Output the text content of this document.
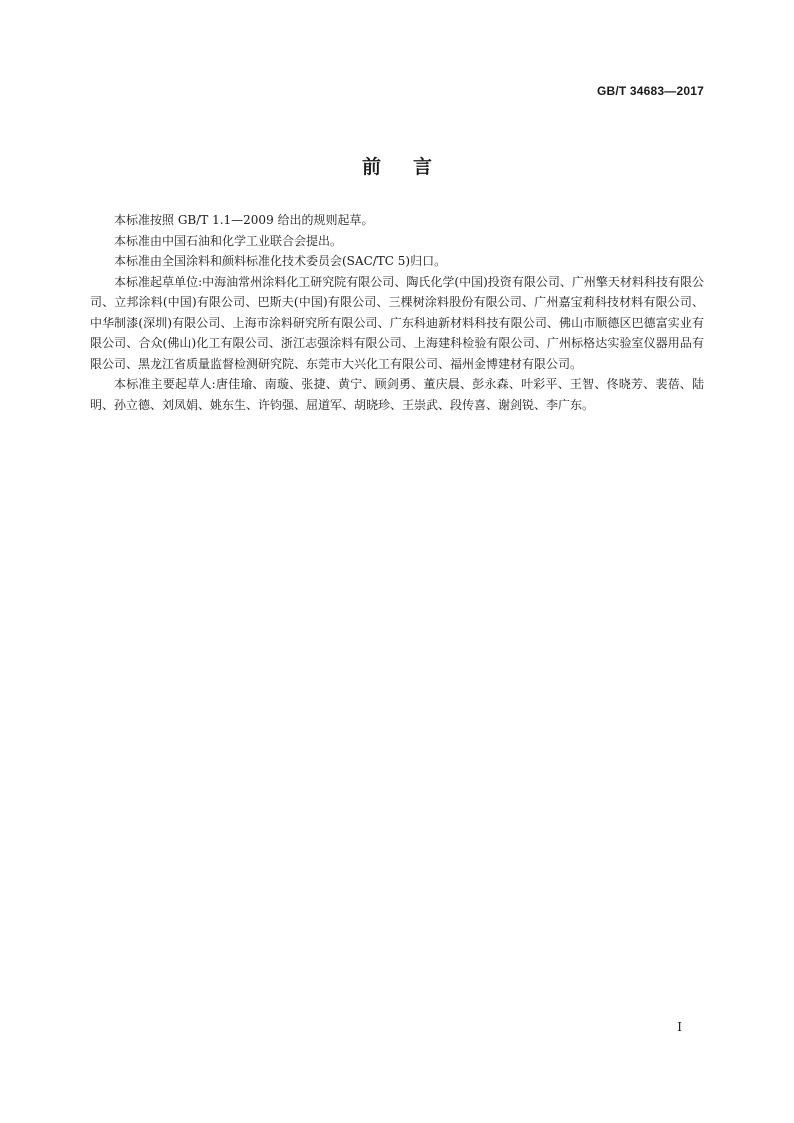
GB/T 34683—2017
前言

本标准按照 GB/T 1.1—2009 给出的规则起草。

本标准由中国石油和化学工业联合会提出。

本标准由全国涂料和颜料标准化技术委员会(SAC/TC 5)归口。

本标准起草单位:中海油常州涂料化工研究院有限公司、陶氏化学(中国)投资有限公司、广州擎天材料科技有限公司、立邦涂料(中国)有限公司、巴斯夫(中国)有限公司、三棵树涂料股份有限公司、广州嘉宝莉科技材料有限公司、中华制漆(深圳)有限公司、上海市涂料研究所有限公司、广东科迪新材料科技有限公司、佛山市顺德区巴德富实业有限公司、合众(佛山)化工有限公司、浙江志强涂料有限公司、上海建科检验有限公司、广州标格达实验室仪器用品有限公司、黑龙江省质量监督检测研究院、东莞市大兴化工有限公司、福州金博建材有限公司。

本标准主要起草人:唐佳瑜、南璇、张捷、黄宁、顾剑勇、董庆晨、彭永森、叶彩平、王智、佟晓芳、裴蓓、陆明、孙立德、刘凤娟、姚东生、许钧强、屈道军、胡晓珍、王崇武、段传喜、谢剑锐、李广东。

I
